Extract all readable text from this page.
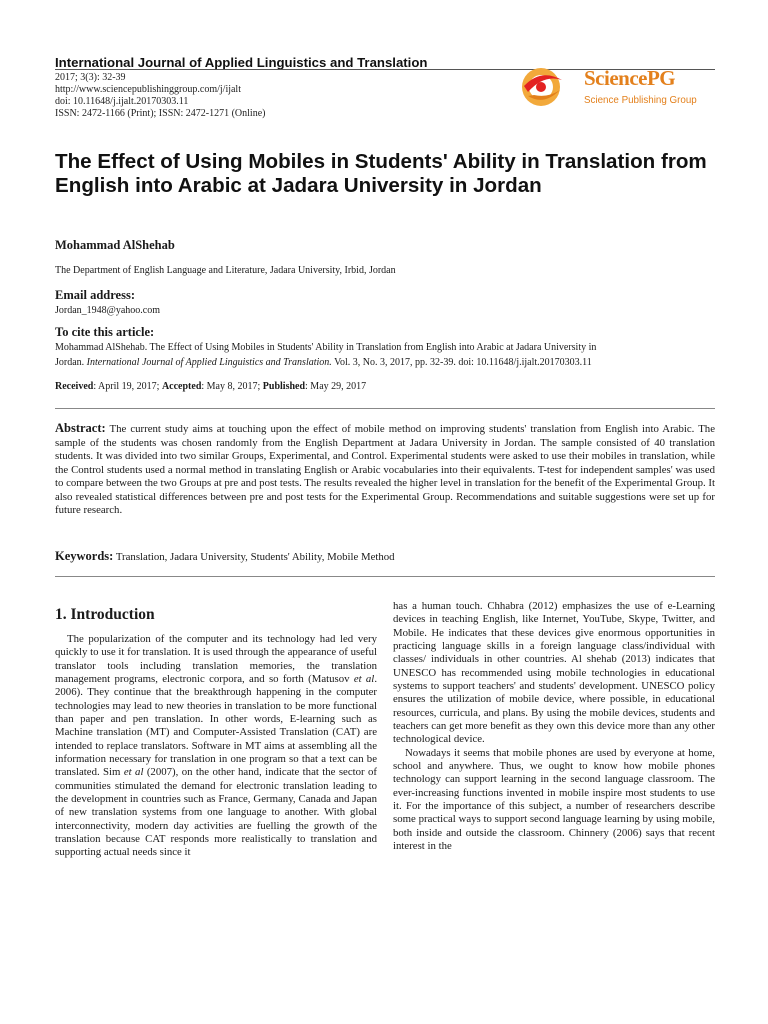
International Journal of Applied Linguistics and Translation
2017; 3(3): 32-39
http://www.sciencepublishinggroup.com/j/ijalt
doi: 10.11648/j.ijalt.20170303.11
ISSN: 2472-1166 (Print); ISSN: 2472-1271 (Online)
SciencePG
Science Publishing Group
The Effect of Using Mobiles in Students' Ability in Translation from English into Arabic at Jadara University in Jordan
Mohammad AlShehab
The Department of English Language and Literature, Jadara University, Irbid, Jordan
Email address:
Jordan_1948@yahoo.com
To cite this article:
Mohammad AlShehab. The Effect of Using Mobiles in Students' Ability in Translation from English into Arabic at Jadara University in
Jordan. International Journal of Applied Linguistics and Translation. Vol. 3, No. 3, 2017, pp. 32-39. doi: 10.11648/j.ijalt.20170303.11
Received: April 19, 2017; Accepted: May 8, 2017; Published: May 29, 2017
Abstract: The current study aims at touching upon the effect of mobile method on improving students' translation from English into Arabic. The sample of the students was chosen randomly from the English Department at Jadara University in Jordan. The sample consisted of 40 translation students. It was divided into two similar Groups, Experimental, and Control. Experimental students were asked to use their mobiles in translation, while the Control students used a normal method in translating English or Arabic vocabularies into their equivalents. T-test for independent samples' was used to compare between the two Groups at pre and post tests. The results revealed the higher level in translation for the benefit of the Experimental Group. It also revealed statistical differences between pre and post tests for the Experimental Group. Recommendations and suitable suggestions were set up for future research.
Keywords: Translation, Jadara University, Students' Ability, Mobile Method
1. Introduction

The popularization of the computer and its technology had led very quickly to use it for translation. It is used through the appearance of useful translator tools including translation memories, the translation management programs, electronic corpora, and so forth (Matusov et al. 2006). They continue that the breakthrough happening in the computer technologies may lead to new theories in translation to be more functional than paper and pen translation. In other words, E-learning such as Machine translation (MT) and Computer-Assisted Translation (CAT) are intended to replace translators. Software in MT aims at assembling all the information necessary for translation in one program so that a text can be translated. Sim et al (2007), on the other hand, indicate that the sector of communities stimulated the demand for electronic translation leading to the development in countries such as France, Germany, Canada and Japan of new translation systems from one language to another. With global interconnectivity, modern day activities are fuelling the growth of the translation because CAT responds more realistically to translation and supporting actual needs since it

has a human touch. Chhabra (2012) emphasizes the use of e-Learning devices in teaching English, like Internet, YouTube, Skype, Twitter, and Mobile. He indicates that these devices give enormous opportunities in practicing language skills in a foreign language class/individual with classes/ individuals in other countries. Al shehab (2013) indicates that UNESCO has recommended using mobile technologies in educational systems to support teachers' and students' development. UNESCO policy ensures the utilization of mobile device, where possible, in educational resources, curricula, and plans. By using the mobile devices, students and teachers can get more benefit as they own this device more than any other technological device.

Nowadays it seems that mobile phones are used by everyone at home, school and anywhere. Thus, we ought to know how mobile phones technology can support learning in the second language classroom. The ever-increasing functions invented in mobile inspire most students to use it. For the importance of this subject, a number of researchers describe some practical ways to support second language learning by using mobile, both inside and outside the classroom. Chinnery (2006) says that recent interest in the
